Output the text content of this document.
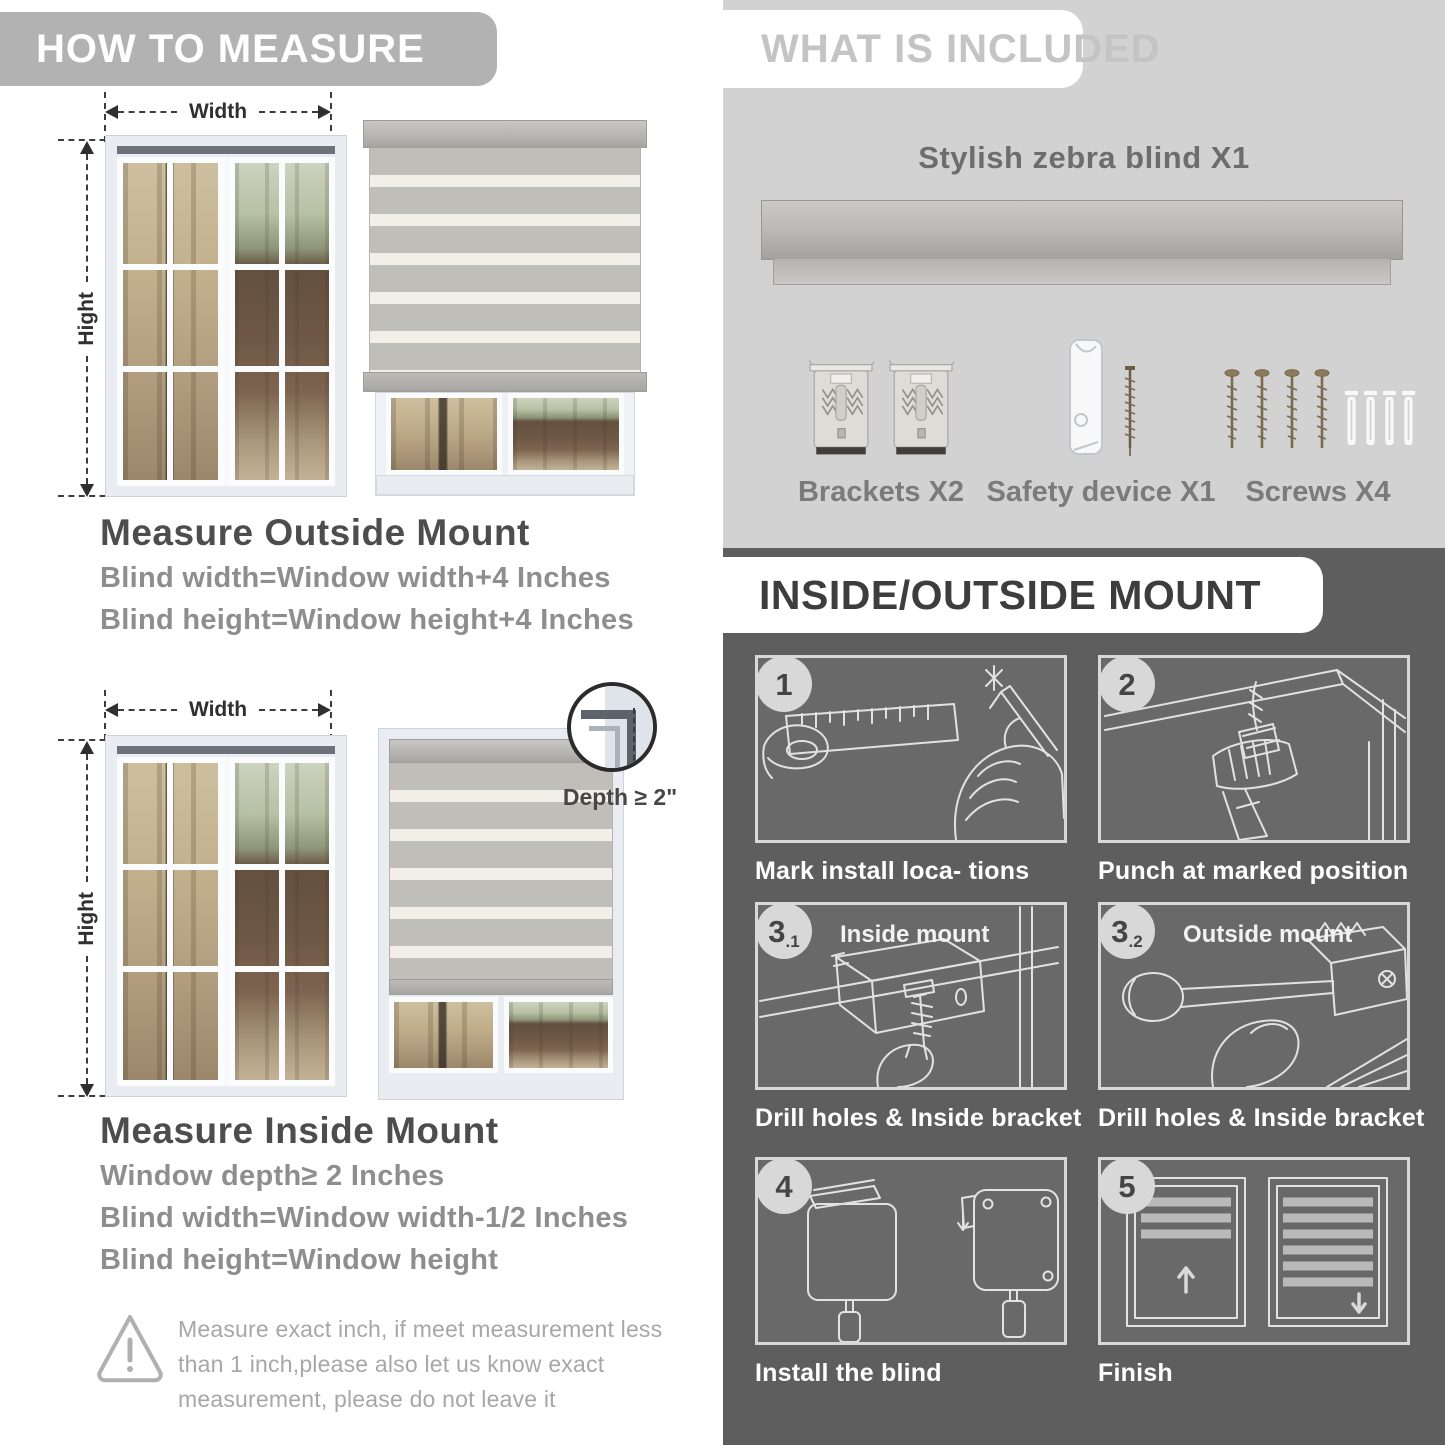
HOW TO MEASURE
Width
Hight
Measure Outside Mount
Blind width=Window width+4 Inches
Blind height=Window height+4 Inches
Width
Hight
Depth ≥ 2"
Measure Inside Mount
Window depth≥ 2 Inches
Blind width=Window width-1/2 Inches
Blind height=Window height
Measure exact inch, if meet measurement less
than 1 inch,please also let us know exact
measurement, please do not leave it
WHAT IS INCLUDED
Stylish zebra blind X1
Brackets X2 Safety device X1 Screws X4
INSIDE/OUTSIDE MOUNT
1
Mark install loca- tions
2
Punch at marked position
3 .1 Inside mount
Drill holes & Inside bracket
3 .2 Outside mount
Drill holes & Inside bracket
4
Install the blind
5
Finish
